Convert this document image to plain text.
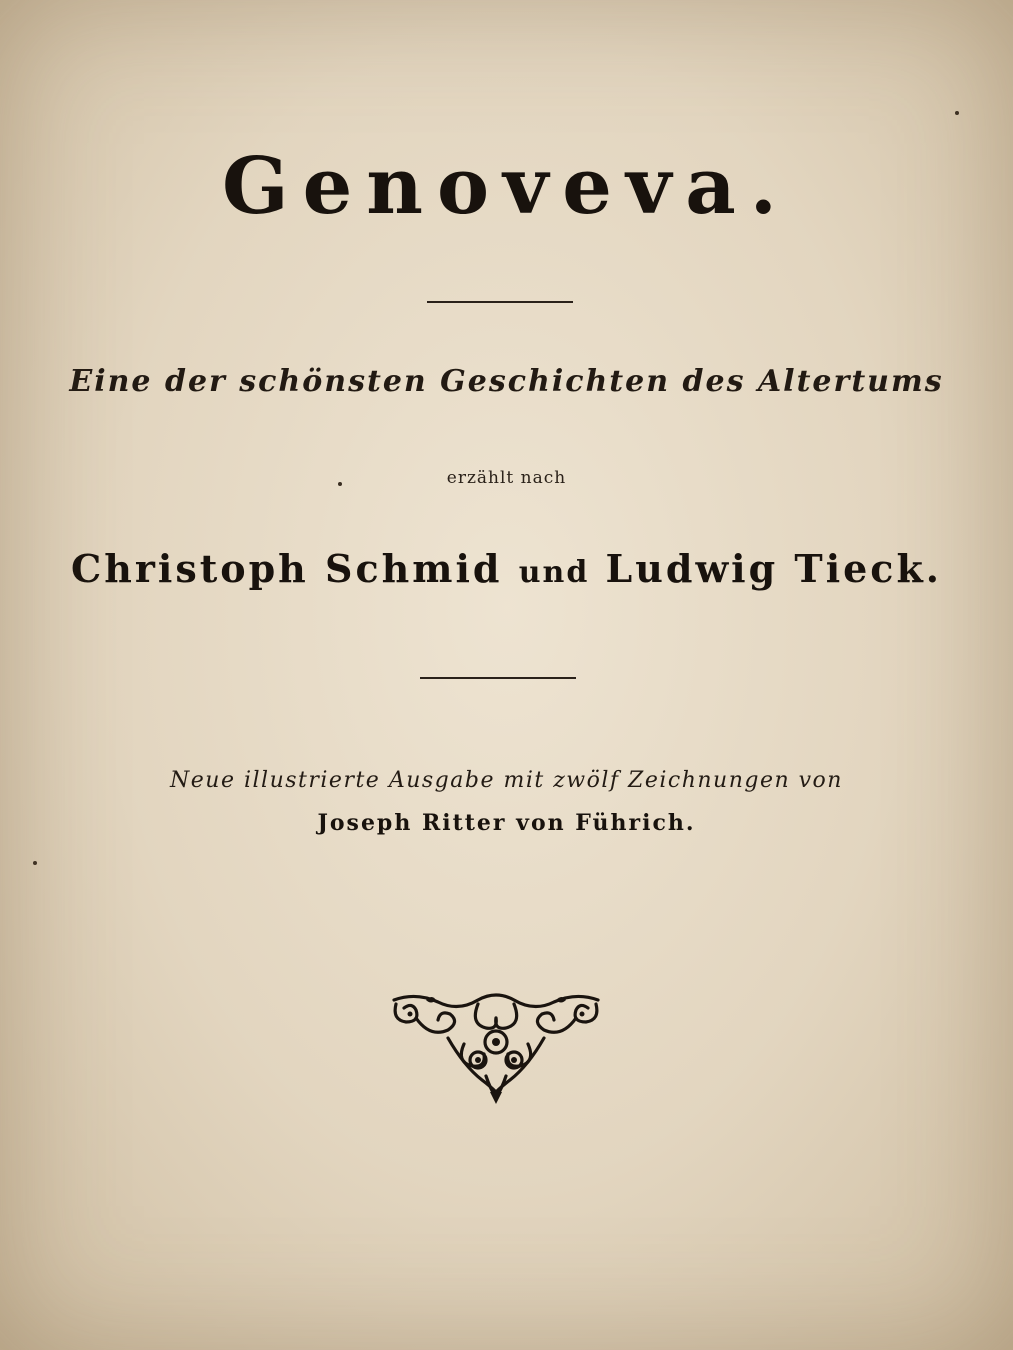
Genoveva.
Eine der schönsten Geschichten des Altertums
erzählt nach
Christoph Schmid und Ludwig Tieck.
Neue illustrierte Ausgabe mit zwölf Zeichnungen von
Joseph Ritter von Führich.
